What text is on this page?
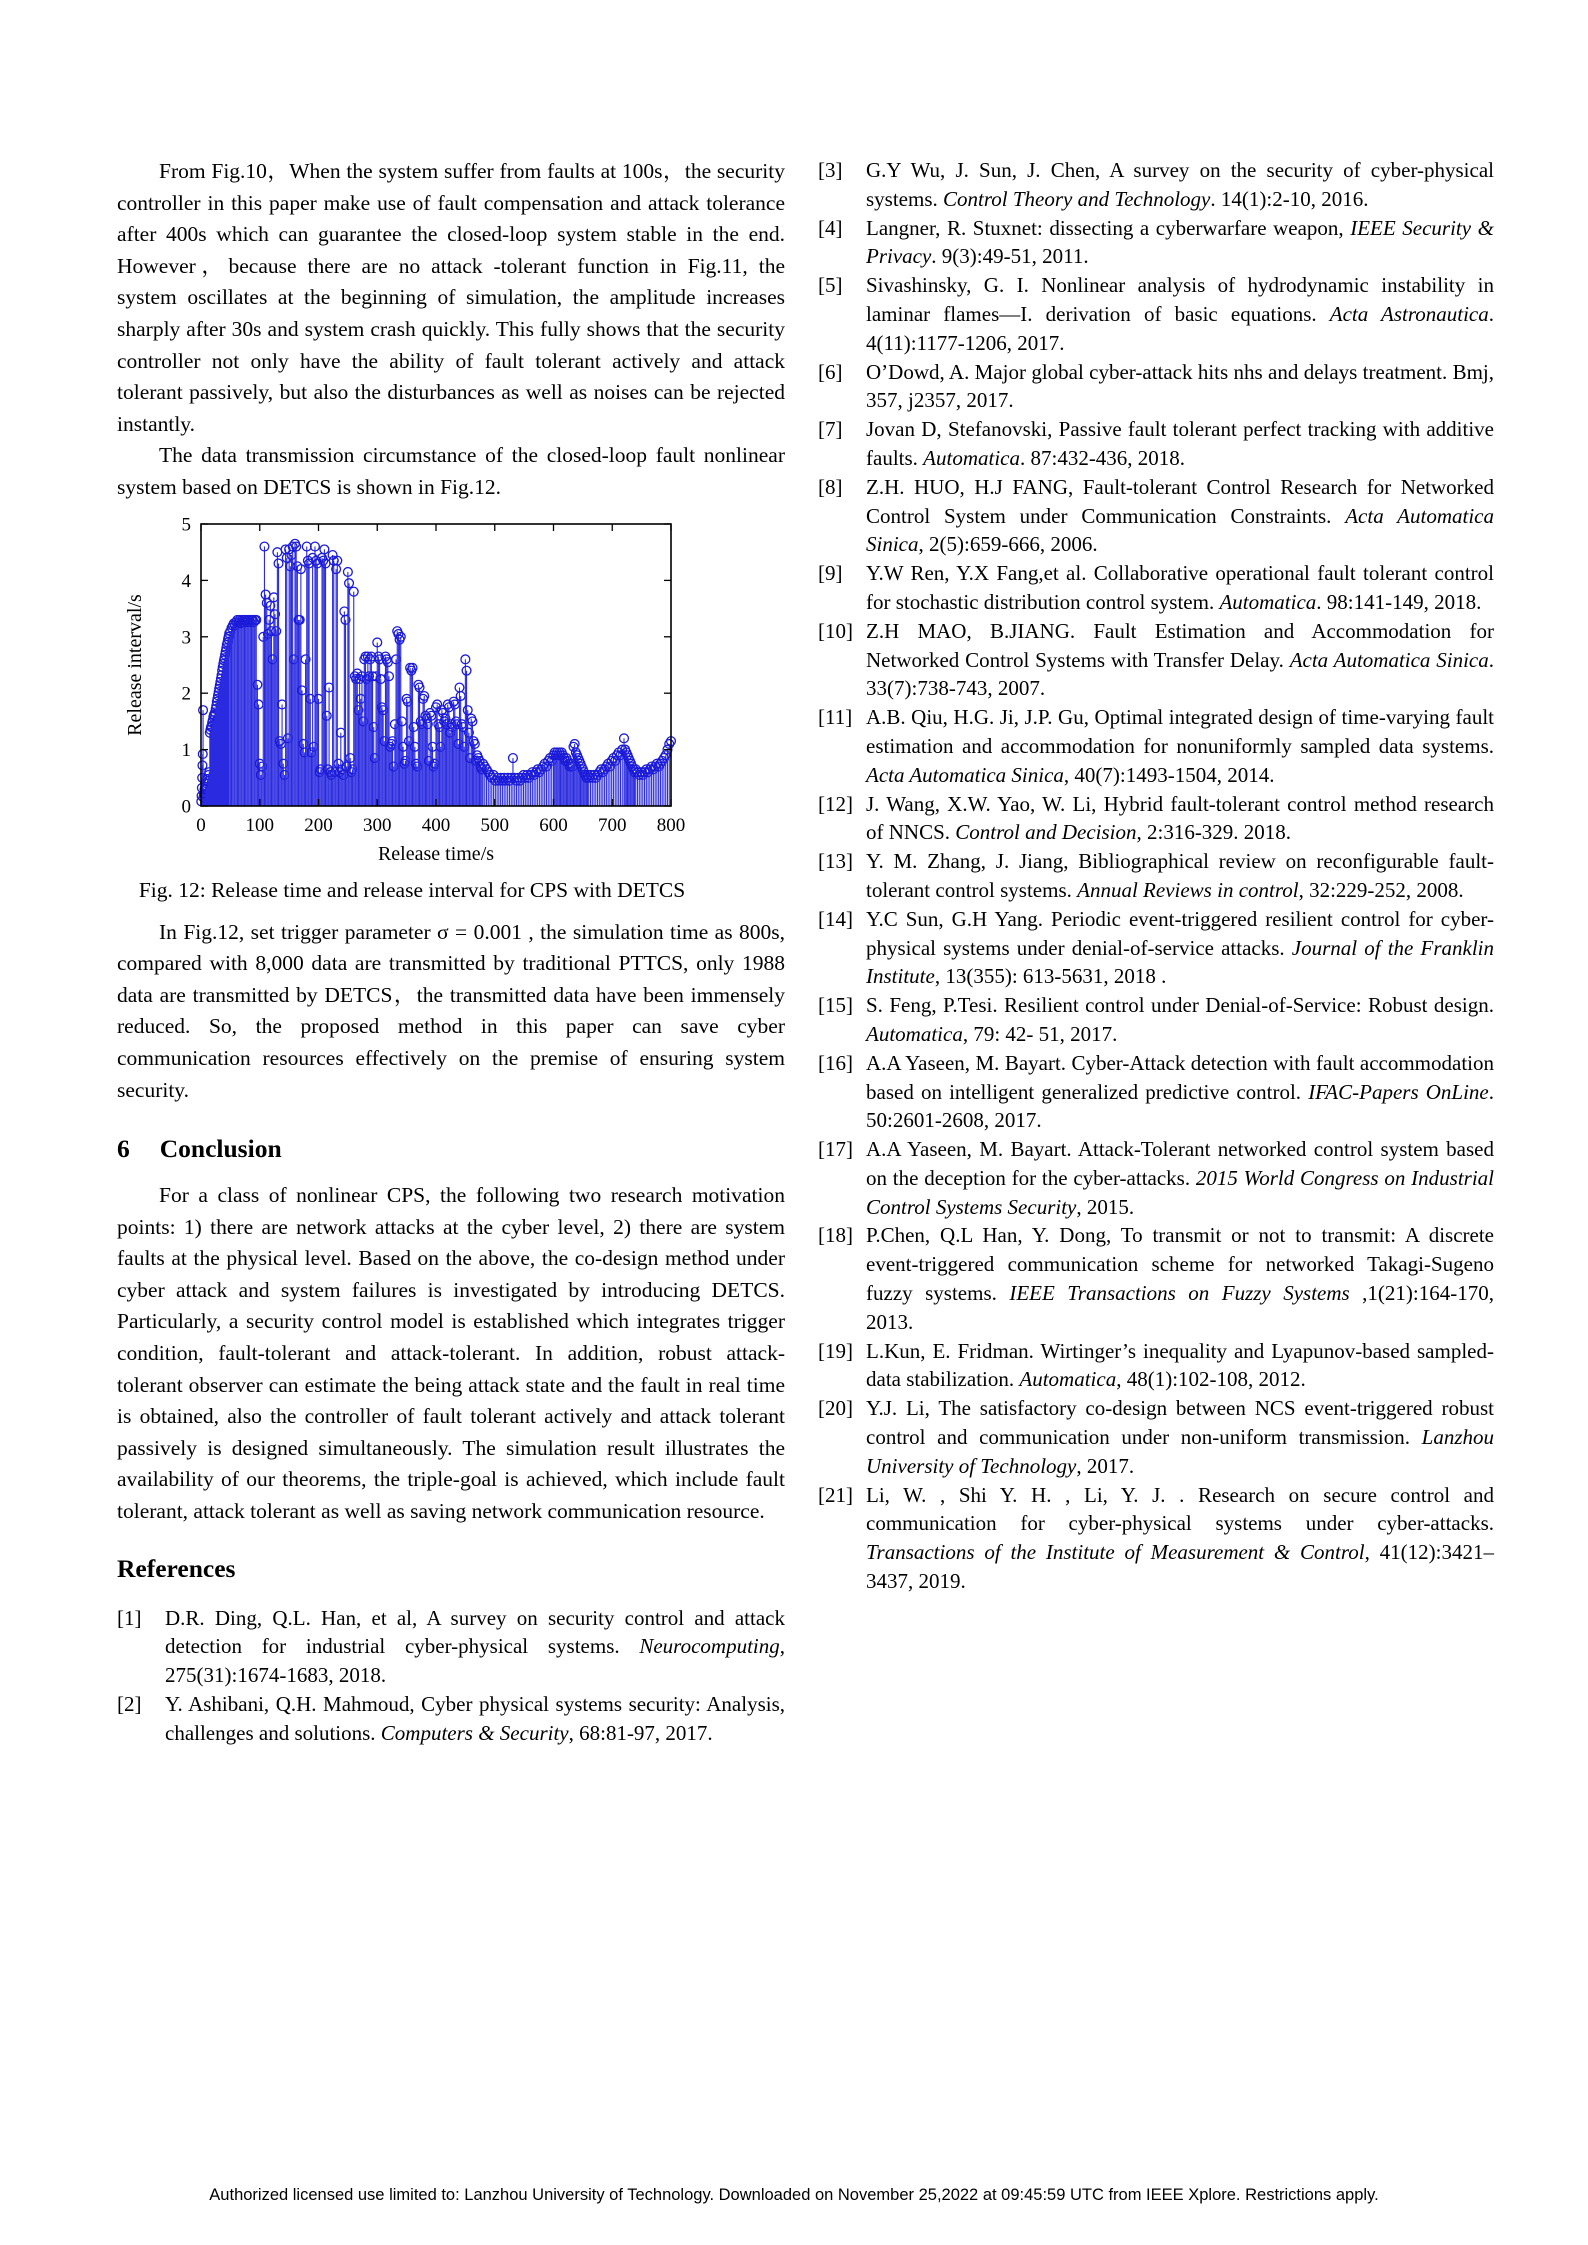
From Fig.10，When the system suffer from faults at 100s，the security controller in this paper make use of fault compensation and attack tolerance after 400s which can guarantee the closed-loop system stable in the end. However，because there are no attack -tolerant function in Fig.11, the system oscillates at the beginning of simulation, the amplitude increases sharply after 30s and system crash quickly. This fully shows that the security controller not only have the ability of fault tolerant actively and attack tolerant passively, but also the disturbances as well as noises can be rejected instantly.

The data transmission circumstance of the closed-loop fault nonlinear system based on DETCS is shown in Fig.12.

0 100 200 300 400 500 600 700 800
0
1
2
3
4
5
Release time/s
Release interval/s
Fig. 12: Release time and release interval for CPS with DETCS

In Fig.12, set trigger parameter σ = 0.001 , the simulation time as 800s, compared with 8,000 data are transmitted by traditional PTTCS, only 1988 data are transmitted by DETCS，the transmitted data have been immensely reduced. So, the proposed method in this paper can save cyber communication resources effectively on the premise of ensuring system security.

6 Conclusion

For a class of nonlinear CPS, the following two research motivation points: 1) there are network attacks at the cyber level, 2) there are system faults at the physical level. Based on the above, the co-design method under cyber attack and system failures is investigated by introducing DETCS. Particularly, a security control model is established which integrates trigger condition, fault-tolerant and attack-tolerant. In addition, robust attack-tolerant observer can estimate the being attack state and the fault in real time is obtained, also the controller of fault tolerant actively and attack tolerant passively is designed simultaneously. The simulation result illustrates the availability of our theorems, the triple-goal is achieved, which include fault tolerant, attack tolerant as well as saving network communication resource.

References
[1]	D.R. Ding, Q.L. Han, et al, A survey on security control and attack detection for industrial cyber-physical systems. Neurocomputing, 275(31):1674-1683, 2018.
[2]	Y. Ashibani, Q.H. Mahmoud, Cyber physical systems security: Analysis, challenges and solutions. Computers & Security, 68:81-97, 2017.
[3]	G.Y Wu, J. Sun, J. Chen, A survey on the security of cyber-physical systems. Control Theory and Technology. 14(1):2-10, 2016.
[4]	Langner, R. Stuxnet: dissecting a cyberwarfare weapon, IEEE Security & Privacy. 9(3):49-51, 2011.
[5]	Sivashinsky, G. I. Nonlinear analysis of hydrodynamic instability in laminar flames—I. derivation of basic equations. Acta Astronautica. 4(11):1177-1206, 2017.
[6]	O’Dowd, A. Major global cyber-attack hits nhs and delays treatment. Bmj, 357, j2357, 2017.
[7]	Jovan D, Stefanovski, Passive fault tolerant perfect tracking with additive faults. Automatica. 87:432-436, 2018.
[8]	Z.H. HUO, H.J FANG, Fault-tolerant Control Research for Networked Control System under Communication Constraints. Acta Automatica Sinica, 2(5):659-666, 2006.
[9]	Y.W Ren, Y.X Fang,et al. Collaborative operational fault tolerant control for stochastic distribution control system. Automatica. 98:141-149, 2018.
[10] Z.H MAO, B.JIANG. Fault Estimation and Accommodation for Networked Control Systems with Transfer Delay. Acta Automatica Sinica. 33(7):738-743, 2007.
[11] A.B. Qiu, H.G. Ji, J.P. Gu, Optimal integrated design of time-varying fault estimation and accommodation for nonuniformly sampled data systems. Acta Automatica Sinica, 40(7):1493-1504, 2014.
[12] J. Wang, X.W. Yao, W. Li, Hybrid fault-tolerant control method research of NNCS. Control and Decision, 2:316-329. 2018.
[13] Y. M. Zhang, J. Jiang, Bibliographical review on reconfigurable fault-tolerant control systems. Annual Reviews in control, 32:229-252, 2008.
[14] Y.C Sun, G.H Yang. Periodic event-triggered resilient control for cyber-physical systems under denial-of-service attacks. Journal of the Franklin Institute, 13(355): 613-5631, 2018 .
[15] S. Feng, P.Tesi. Resilient control under Denial-of-Service: Robust design. Automatica, 79: 42- 51, 2017.
[16] A.A Yaseen, M. Bayart. Cyber-Attack detection with fault accommodation based on intelligent generalized predictive control. IFAC-Papers OnLine. 50:2601-2608, 2017.
[17] A.A Yaseen, M. Bayart. Attack-Tolerant networked control system based on the deception for the cyber-attacks. 2015 World Congress on Industrial Control Systems Security, 2015.
[18] P.Chen, Q.L Han, Y. Dong, To transmit or not to transmit: A discrete event-triggered communication scheme for networked Takagi-Sugeno fuzzy systems. IEEE Transactions on Fuzzy Systems ,1(21):164-170, 2013.
[19] L.Kun, E. Fridman. Wirtinger’s inequality and Lyapunov-based sampled-data stabilization. Automatica, 48(1):102-108, 2012.
[20] Y.J. Li, The satisfactory co-design between NCS event-triggered robust control and communication under non-uniform transmission. Lanzhou University of Technology, 2017.
[21] Li, W. , Shi Y. H. , Li, Y. J. . Research on secure control and communication for cyber-physical systems under cyber-attacks. Transactions of the Institute of Measurement & Control, 41(12):3421–3437, 2019.
Authorized licensed use limited to: Lanzhou University of Technology. Downloaded on November 25,2022 at 09:45:59 UTC from IEEE Xplore. Restrictions apply.
